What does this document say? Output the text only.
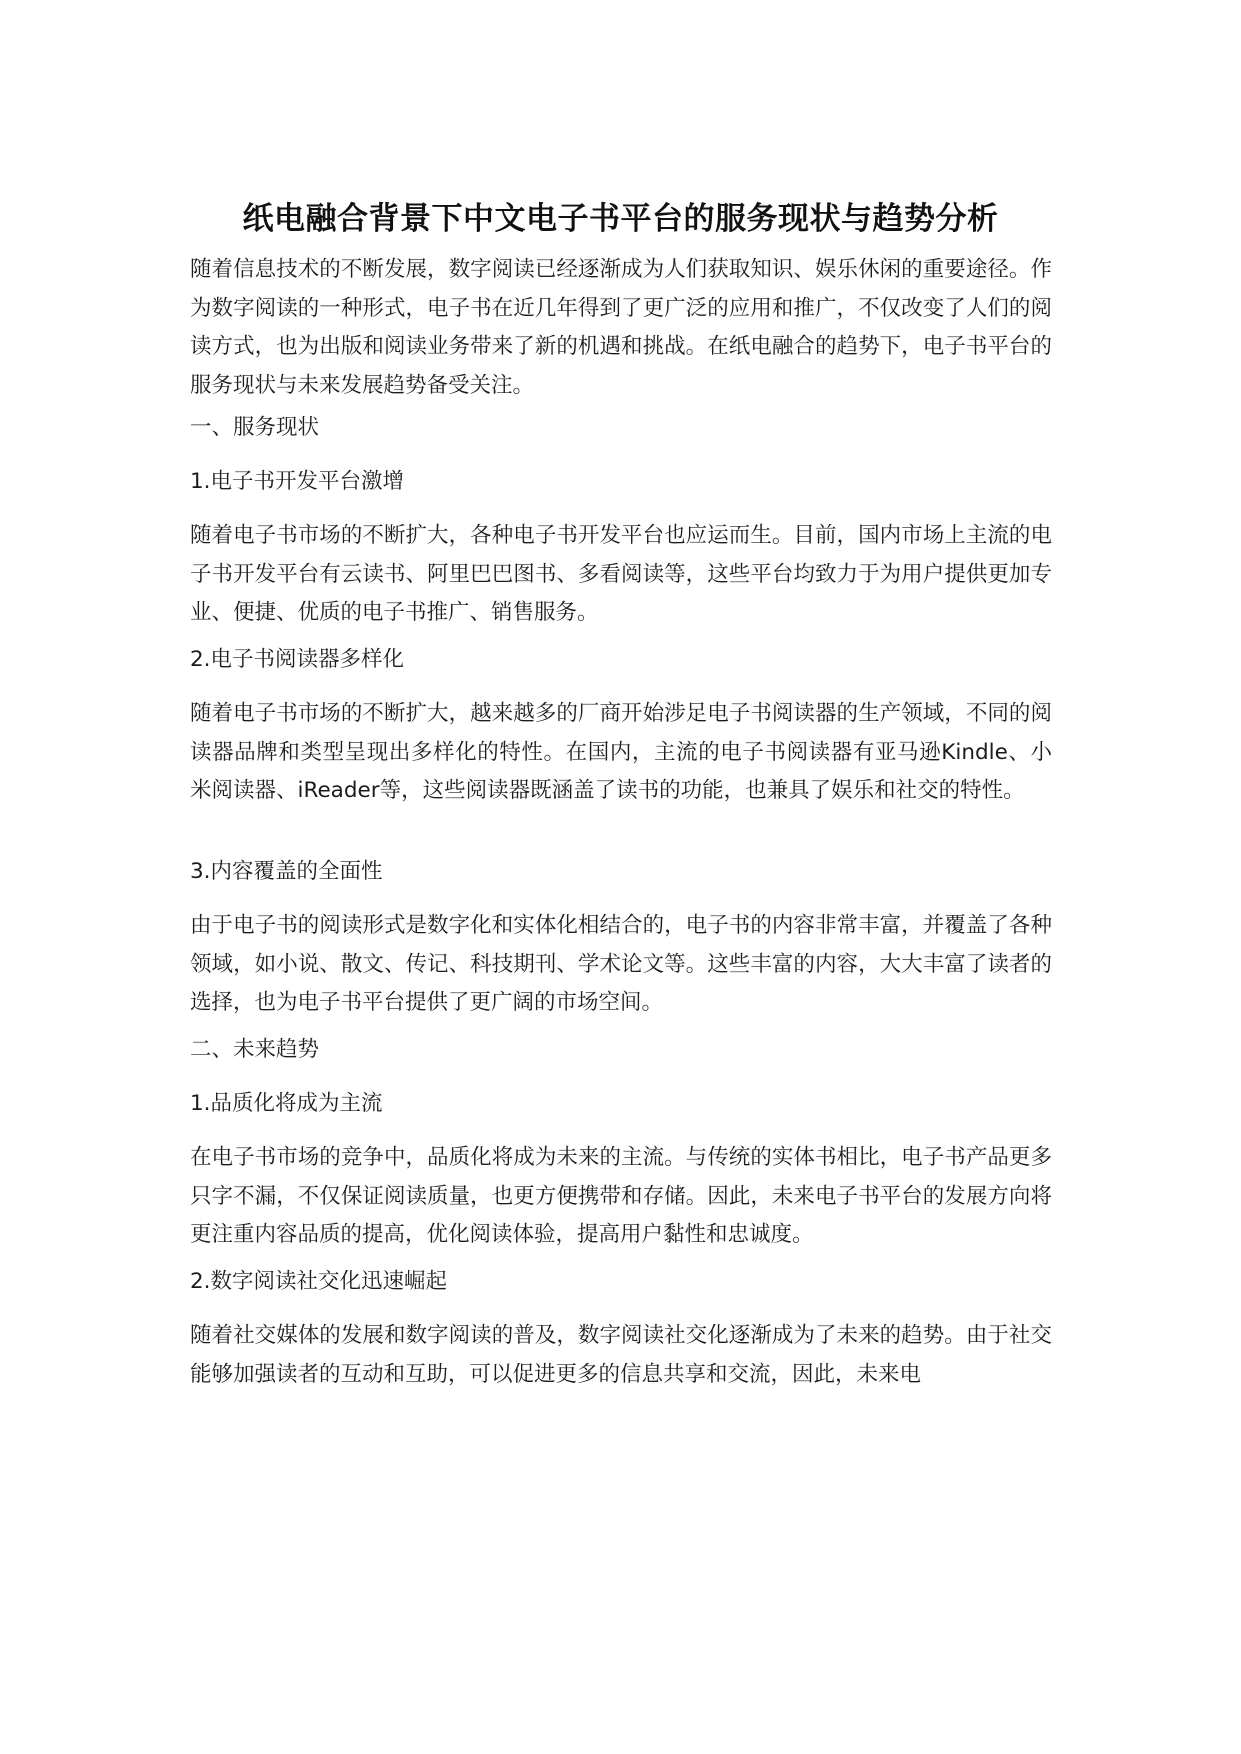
纸电融合背景下中文电子书平台的服务现状与趋势分析

随着信息技术的不断发展，数字阅读已经逐渐成为人们获取知识、娱乐休闲的重要途径。作为数字阅读的一种形式，电子书在近几年得到了更广泛的应用和推广，不仅改变了人们的阅读方式，也为出版和阅读业务带来了新的机遇和挑战。在纸电融合的趋势下，电子书平台的服务现状与未来发展趋势备受关注。

一、服务现状

1.电子书开发平台激增

随着电子书市场的不断扩大，各种电子书开发平台也应运而生。目前，国内市场上主流的电子书开发平台有云读书、阿里巴巴图书、多看阅读等，这些平台均致力于为用户提供更加专业、便捷、优质的电子书推广、销售服务。

2.电子书阅读器多样化

随着电子书市场的不断扩大，越来越多的厂商开始涉足电子书阅读器的生产领域，不同的阅读器品牌和类型呈现出多样化的特性。在国内，主流的电子书阅读器有亚马逊Kindle、小米阅读器、iReader等，这些阅读器既涵盖了读书的功能，也兼具了娱乐和社交的特性。

3.内容覆盖的全面性

由于电子书的阅读形式是数字化和实体化相结合的，电子书的内容非常丰富，并覆盖了各种领域，如小说、散文、传记、科技期刊、学术论文等。这些丰富的内容，大大丰富了读者的选择，也为电子书平台提供了更广阔的市场空间。

二、未来趋势

1.品质化将成为主流

在电子书市场的竞争中，品质化将成为未来的主流。与传统的实体书相比，电子书产品更多只字不漏，不仅保证阅读质量，也更方便携带和存储。因此，未来电子书平台的发展方向将更注重内容品质的提高，优化阅读体验，提高用户黏性和忠诚度。

2.数字阅读社交化迅速崛起

随着社交媒体的发展和数字阅读的普及，数字阅读社交化逐渐成为了未来的趋势。由于社交能够加强读者的互动和互助，可以促进更多的信息共享和交流，因此，未来电
